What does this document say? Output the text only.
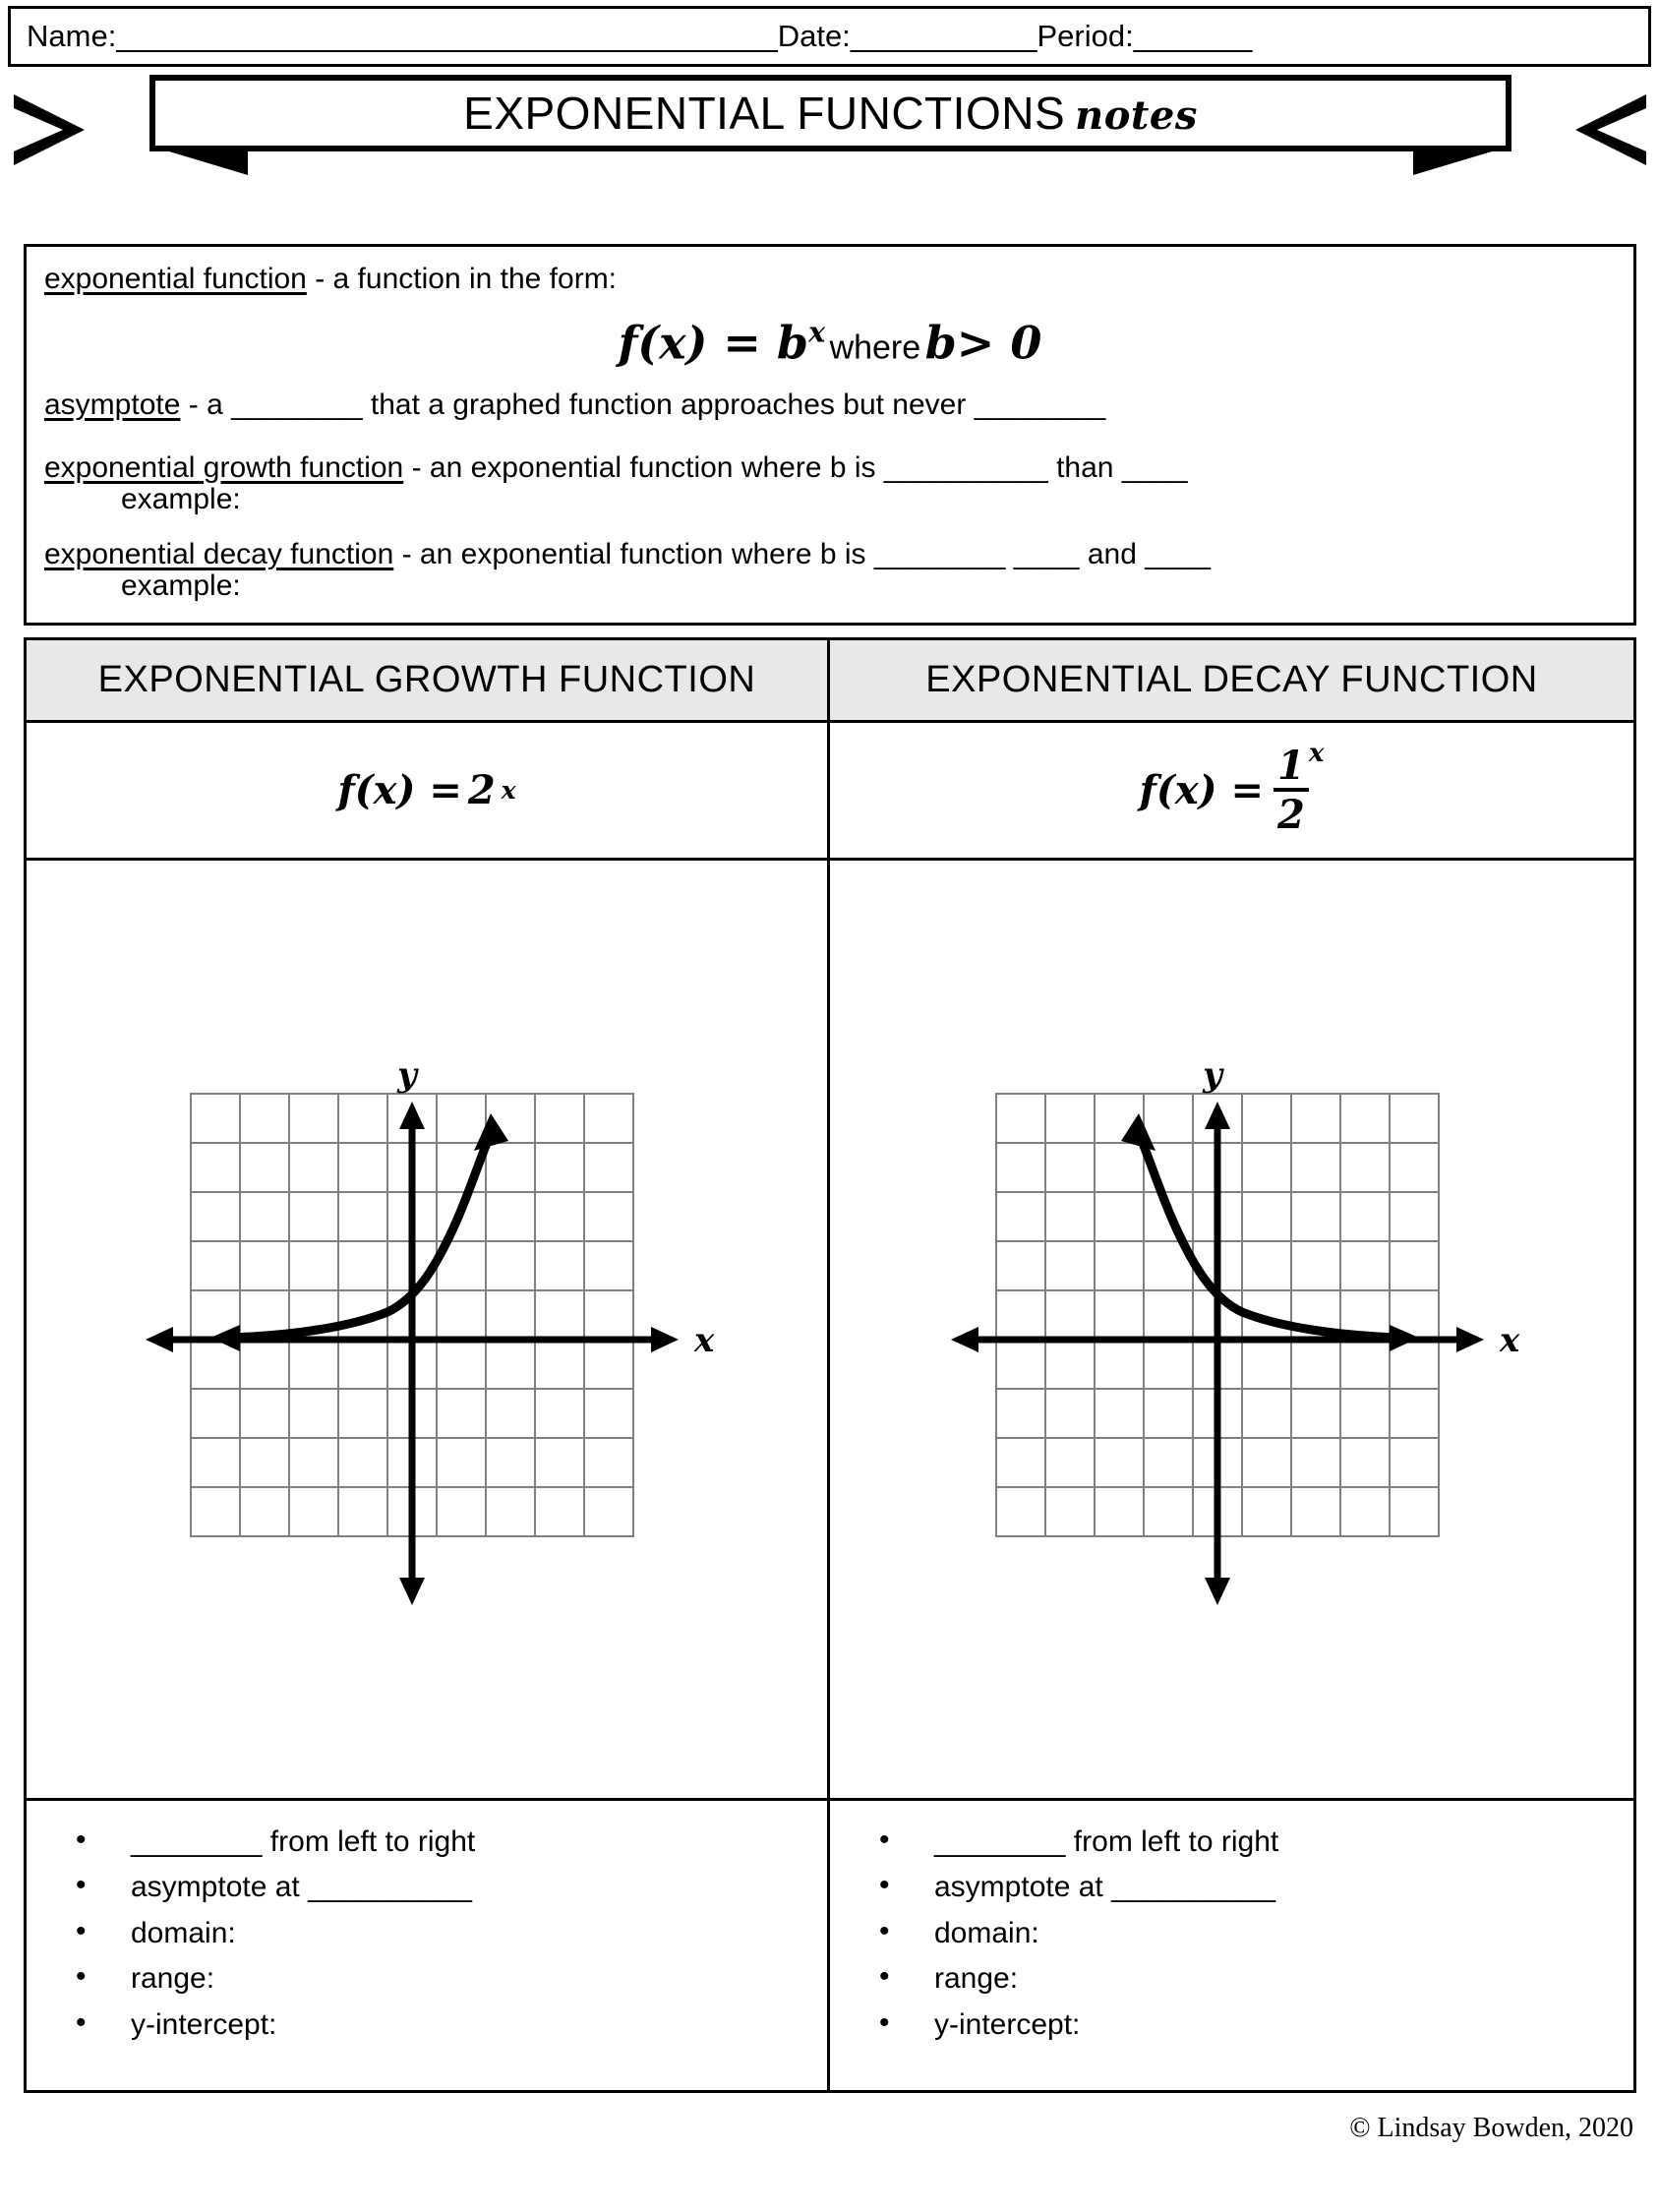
Name: _______________________________________ Date: ___________ Period: _______
EXPONENTIAL FUNCTIONS notes

exponential function - a function in the form:

$f(x) = b^x$ where b> 0

asymptote - a ________ that a graphed function approaches but never ________

exponential growth function - an exponential function where b is __________ than ____

example:

exponential decay function - an exponential function where b is ________ ____ and ____

example:

EXPONENTIAL GROWTH FUNCTION	EXPONENTIAL DECAY FUNCTION
f(x) = 2 x	$f(x) = \frac{1}{2}$ x
y
x
y
x
• ________ from left to right
• asymptote at __________
• domain:
• range:
• y-intercept:
• ________ from left to right
• asymptote at __________
• domain:
• range:
• y-intercept:
© Lindsay Bowden, 2020
